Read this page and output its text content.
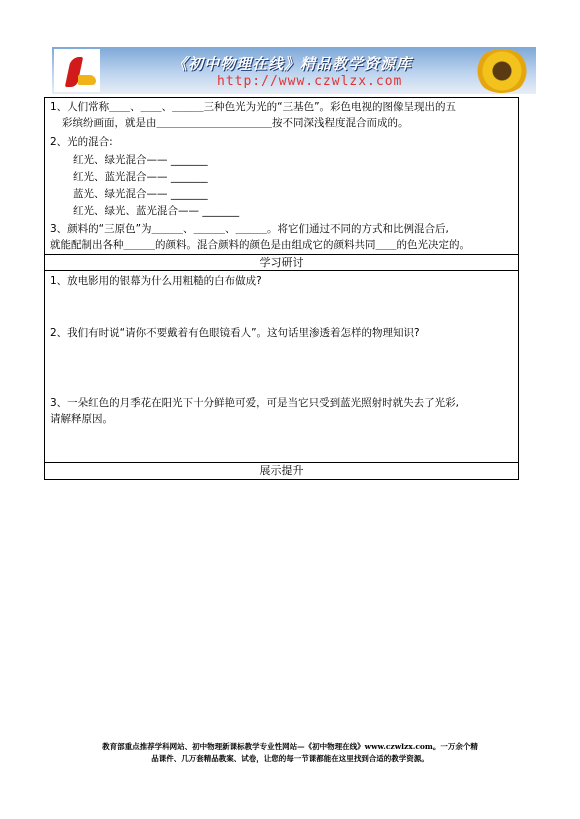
《初中物理在线》精品教学资源库
http://www.czwlzx.com
1、人们常称＿＿、＿＿、＿＿＿三种色光为光的“三基色”。彩色电视的图像呈现出的五
彩缤纷画面，就是由＿＿＿＿＿＿＿＿＿＿＿按不同深浅程度混合而成的。
2、光的混合:
红光、绿光混合—— _______
红光、蓝光混合—— _______
蓝光、绿光混合—— _______
红光、绿光、蓝光混合—— _______
3、颜料的“三原色”为＿＿＿、＿＿＿、＿＿＿。将它们通过不同的方式和比例混合后,
就能配制出各种＿＿＿的颜料。混合颜料的颜色是由组成它的颜料共同＿＿的色光决定的。
学习研讨
1、放电影用的银幕为什么用粗糙的白布做成?
2、我们有时说“请你不要戴着有色眼镜看人”。这句话里渗透着怎样的物理知识?
3、一朵红色的月季花在阳光下十分鲜艳可爱，可是当它只受到蓝光照射时就失去了光彩,
请解释原因。
展示提升
教育部重点推荐学科网站、初中物理新课标教学专业性网站—《初中物理在线》www.czwlzx.com。一万余个精
品课件、几万套精品教案、试卷，让您的每一节课都能在这里找到合适的教学资源。
